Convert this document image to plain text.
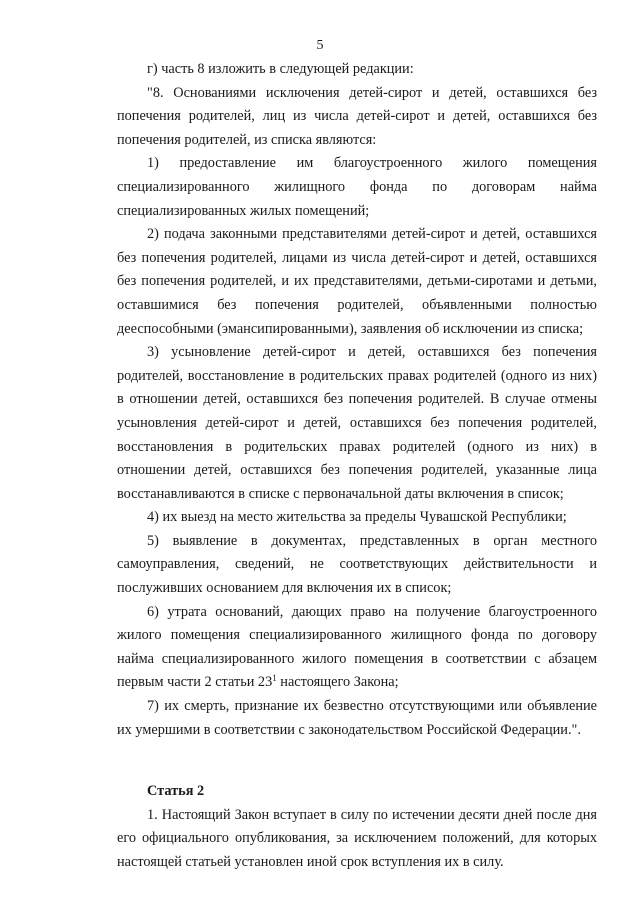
5

г) часть 8 изложить в следующей редакции:

"8. Основаниями исключения детей-сирот и детей, оставшихся без попечения родителей, лиц из числа детей-сирот и детей, оставшихся без попечения родителей, из списка являются:

1) предоставление им благоустроенного жилого помещения специализированного жилищного фонда по договорам найма специализированных жилых помещений;

2) подача законными представителями детей-сирот и детей, оставшихся без попечения родителей, лицами из числа детей-сирот и детей, оставшихся без попечения родителей, и их представителями, детьми-сиротами и детьми, оставшимися без попечения родителей, объявленными полностью дееспособными (эмансипированными), заявления об исключении из списка;

3) усыновление детей-сирот и детей, оставшихся без попечения родителей, восстановление в родительских правах родителей (одного из них) в отношении детей, оставшихся без попечения родителей. В случае отмены усыновления детей-сирот и детей, оставшихся без попечения родителей, восстановления в родительских правах родителей (одного из них) в отношении детей, оставшихся без попечения родителей, указанные лица восстанавливаются в списке с первоначальной даты включения в список;

4) их выезд на место жительства за пределы Чувашской Республики;

5) выявление в документах, представленных в орган местного самоуправления, сведений, не соответствующих действительности и послуживших основанием для включения их в список;

6) утрата оснований, дающих право на получение благоустроенного жилого помещения специализированного жилищного фонда по договору найма специализированного жилого помещения в соответствии с абзацем первым части 2 статьи $23^1$ настоящего Закона;

7) их смерть, признание их безвестно отсутствующими или объявление их умершими в соответствии с законодательством Российской Федерации.".

Статья 2

1. Настоящий Закон вступает в силу по истечении десяти дней после дня его официального опубликования, за исключением положений, для которых настоящей статьей установлен иной срок вступления их в силу.
